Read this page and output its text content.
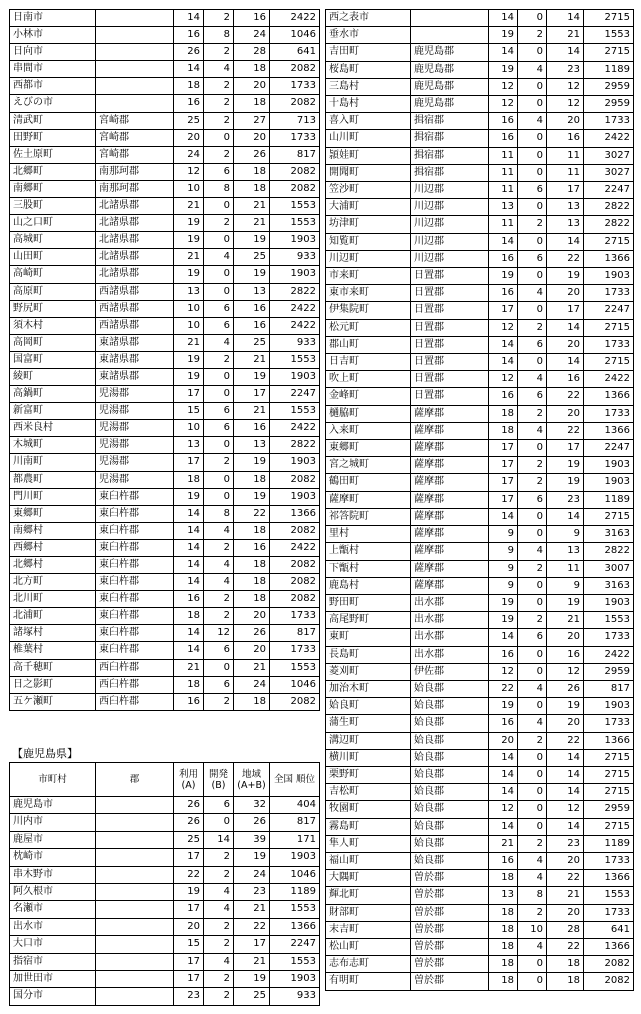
日南市		14	2	16	2422
小林市		16	8	24	1046
日向市		26	2	28	641
串間市		14	4	18	2082
西都市		18	2	20	1733
えびの市		16	2	18	2082
清武町	宮崎郡	25	2	27	713
田野町	宮崎郡	20	0	20	1733
佐土原町	宮崎郡	24	2	26	817
北郷町	南那珂郡	12	6	18	2082
南郷町	南那珂郡	10	8	18	2082
三股町	北諸県郡	21	0	21	1553
山之口町	北諸県郡	19	2	21	1553
高城町	北諸県郡	19	0	19	1903
山田町	北諸県郡	21	4	25	933
高崎町	北諸県郡	19	0	19	1903
高原町	西諸県郡	13	0	13	2822
野尻町	西諸県郡	10	6	16	2422
須木村	西諸県郡	10	6	16	2422
高岡町	東諸県郡	21	4	25	933
国富町	東諸県郡	19	2	21	1553
綾町	東諸県郡	19	0	19	1903
高鍋町	児湯郡	17	0	17	2247
新富町	児湯郡	15	6	21	1553
西米良村	児湯郡	10	6	16	2422
木城町	児湯郡	13	0	13	2822
川南町	児湯郡	17	2	19	1903
都農町	児湯郡	18	0	18	2082
門川町	東臼杵郡	19	0	19	1903
東郷町	東臼杵郡	14	8	22	1366
南郷村	東臼杵郡	14	4	18	2082
西郷村	東臼杵郡	14	2	16	2422
北郷村	東臼杵郡	14	4	18	2082
北方町	東臼杵郡	14	4	18	2082
北川町	東臼杵郡	16	2	18	2082
北浦町	東臼杵郡	18	2	20	1733
諸塚村	東臼杵郡	14	12	26	817
椎葉村	東臼杵郡	14	6	20	1733
高千穂町	西臼杵郡	21	0	21	1553
日之影町	西臼杵郡	18	6	24	1046
五ケ瀬町	西臼杵郡	16	2	18	2082
【鹿児島県】
市町村	郡	利用 (A)	開発 (B)	地域 (A+B)	全国 順位
鹿児島市		26	6	32	404
川内市		26	0	26	817
鹿屋市		25	14	39	171
枕崎市		17	2	19	1903
串木野市		22	2	24	1046
阿久根市		19	4	23	1189
名瀬市		17	4	21	1553
出水市		20	2	22	1366
大口市		15	2	17	2247
指宿市		17	4	21	1553
加世田市		17	2	19	1903
国分市		23	2	25	933
西之表市		14	0	14	2715
垂水市		19	2	21	1553
吉田町	鹿児島郡	14	0	14	2715
桜島町	鹿児島郡	19	4	23	1189
三島村	鹿児島郡	12	0	12	2959
十島村	鹿児島郡	12	0	12	2959
喜入町	揖宿郡	16	4	20	1733
山川町	揖宿郡	16	0	16	2422
頴娃町	揖宿郡	11	0	11	3027
開聞町	揖宿郡	11	0	11	3027
笠沙町	川辺郡	11	6	17	2247
大浦町	川辺郡	13	0	13	2822
坊津町	川辺郡	11	2	13	2822
知覧町	川辺郡	14	0	14	2715
川辺町	川辺郡	16	6	22	1366
市来町	日置郡	19	0	19	1903
東市来町	日置郡	16	4	20	1733
伊集院町	日置郡	17	0	17	2247
松元町	日置郡	12	2	14	2715
郡山町	日置郡	14	6	20	1733
日吉町	日置郡	14	0	14	2715
吹上町	日置郡	12	4	16	2422
金峰町	日置郡	16	6	22	1366
樋脇町	薩摩郡	18	2	20	1733
入来町	薩摩郡	18	4	22	1366
東郷町	薩摩郡	17	0	17	2247
宮之城町	薩摩郡	17	2	19	1903
鶴田町	薩摩郡	17	2	19	1903
薩摩町	薩摩郡	17	6	23	1189
祁答院町	薩摩郡	14	0	14	2715
里村	薩摩郡	9	0	9	3163
上甑村	薩摩郡	9	4	13	2822
下甑村	薩摩郡	9	2	11	3007
鹿島村	薩摩郡	9	0	9	3163
野田町	出水郡	19	0	19	1903
高尾野町	出水郡	19	2	21	1553
東町	出水郡	14	6	20	1733
長島町	出水郡	16	0	16	2422
菱刈町	伊佐郡	12	0	12	2959
加治木町	姶良郡	22	4	26	817
姶良町	姶良郡	19	0	19	1903
蒲生町	姶良郡	16	4	20	1733
溝辺町	姶良郡	20	2	22	1366
横川町	姶良郡	14	0	14	2715
栗野町	姶良郡	14	0	14	2715
吉松町	姶良郡	14	0	14	2715
牧園町	姶良郡	12	0	12	2959
霧島町	姶良郡	14	0	14	2715
隼人町	姶良郡	21	2	23	1189
福山町	姶良郡	16	4	20	1733
大隅町	曽於郡	18	4	22	1366
輝北町	曽於郡	13	8	21	1553
財部町	曽於郡	18	2	20	1733
末吉町	曽於郡	18	10	28	641
松山町	曽於郡	18	4	22	1366
志布志町	曽於郡	18	0	18	2082
有明町	曽於郡	18	0	18	2082
